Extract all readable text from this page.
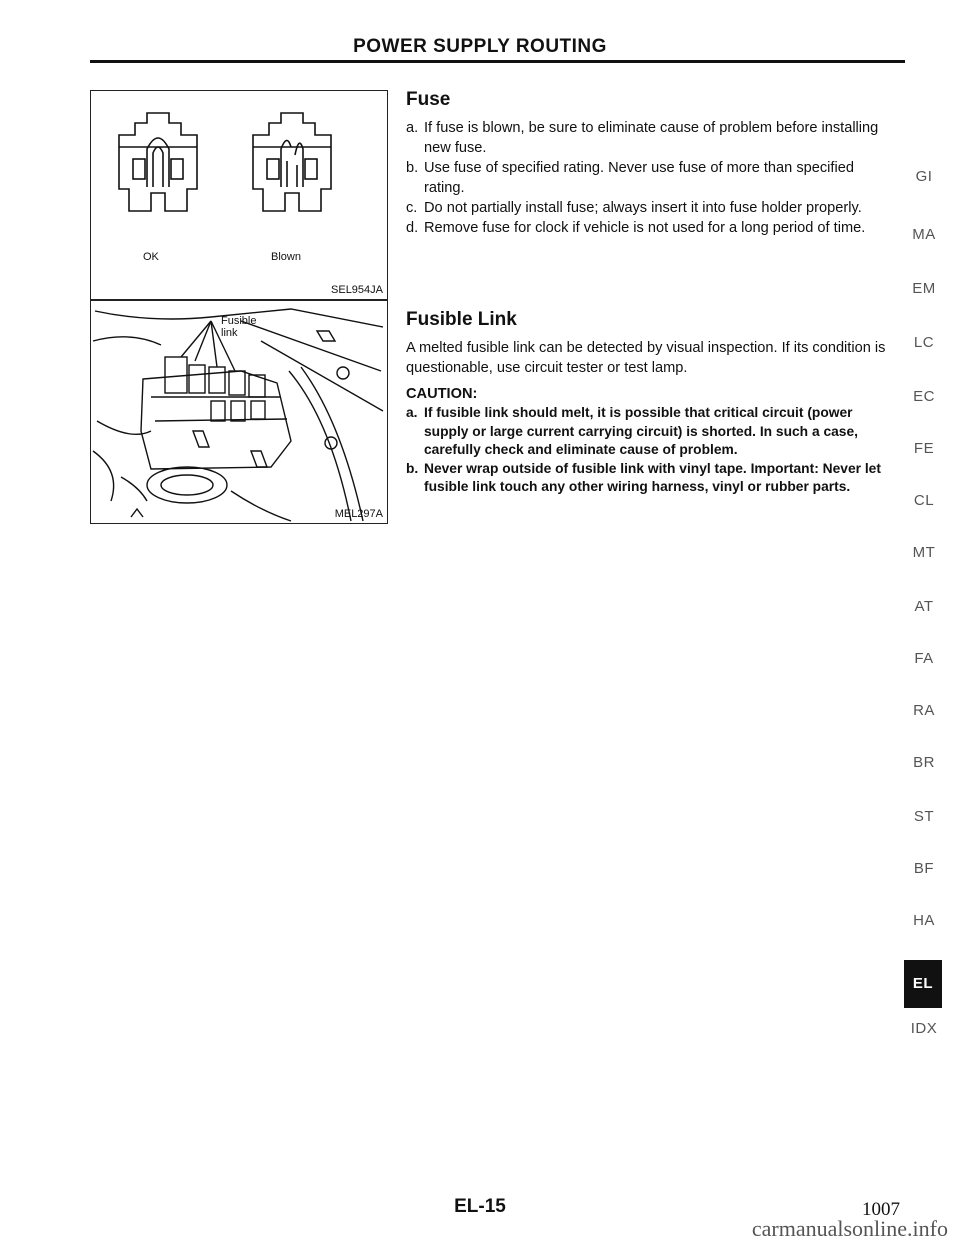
POWER SUPPLY ROUTING
OK	Blown
SEL954JA
Fusible
link
MEL297A
Fuse
a. If fuse is blown, be sure to eliminate cause of problem before installing new fuse.
b. Use fuse of specified rating. Never use fuse of more than specified rating.
c. Do not partially install fuse; always insert it into fuse holder properly.
d. Remove fuse for clock if vehicle is not used for a long period of time.
Fusible Link

A melted fusible link can be detected by visual inspection. If its condition is questionable, use circuit tester or test lamp.

CAUTION:
a. If fusible link should melt, it is possible that critical circuit (power supply or large current carrying circuit) is shorted. In such a case, carefully check and eliminate cause of problem.
b. Never wrap outside of fusible link with vinyl tape. Important: Never let fusible link touch any other wiring harness, vinyl or rubber parts.
GI
MA
EM
LC
EC
FE
CL
MT
AT
FA
RA
BR
ST
BF
HA
EL
IDX
EL-15	1007
carmanualsonline.info
